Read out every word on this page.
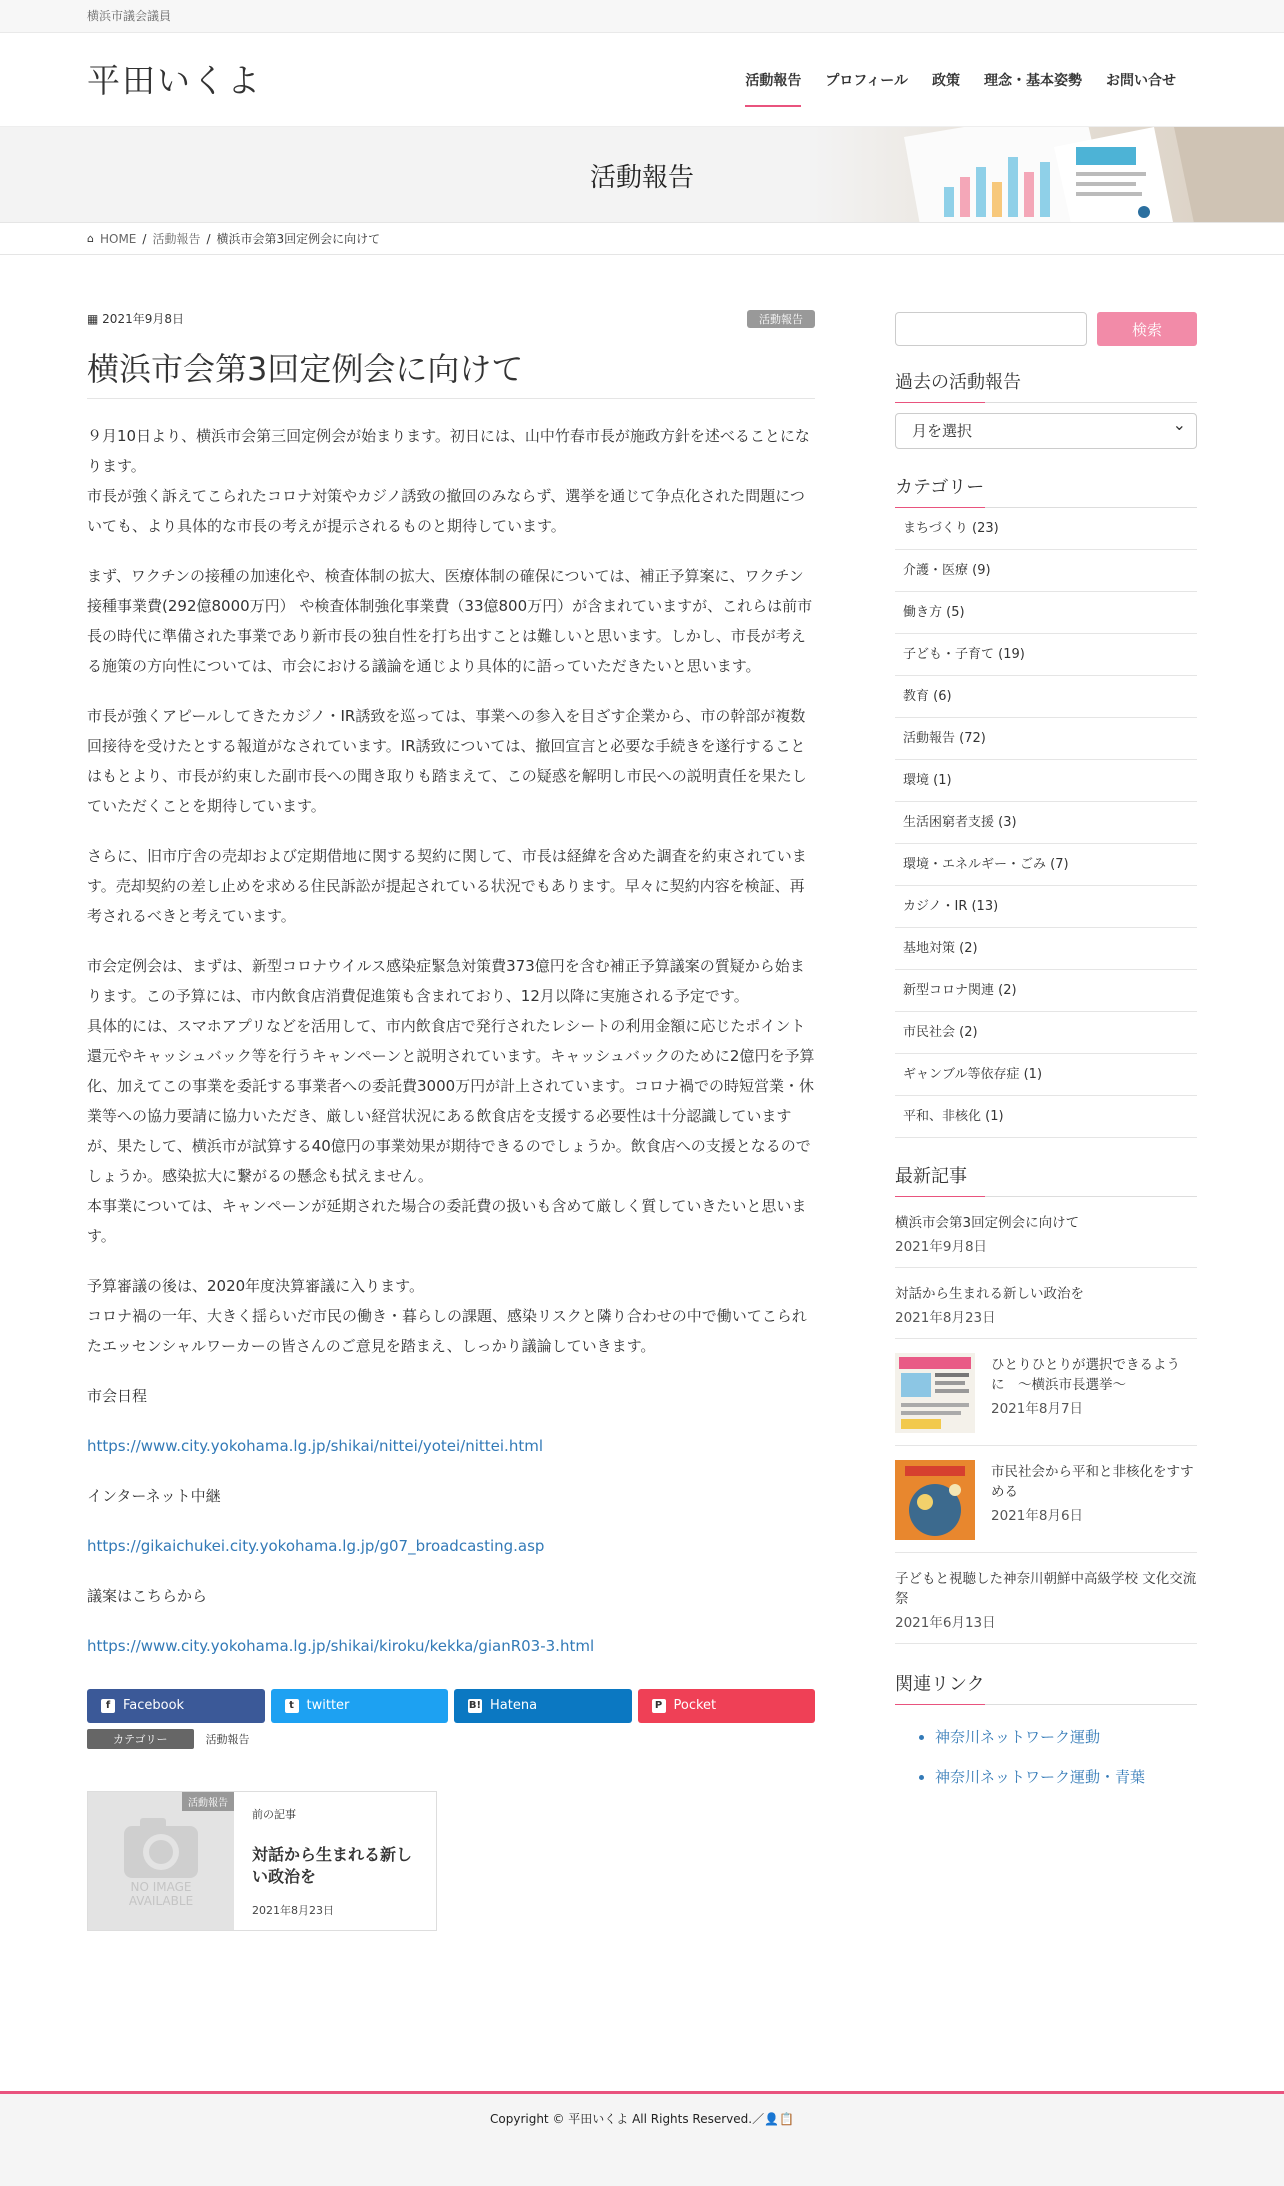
横浜市議会議員
平田いくよ	活動報告	プロフィール	政策	理念・基本姿勢	お問い合せ
活動報告
⌂ HOME / 活動報告 / 横浜市会第3回定例会に向けて
▦ 2021年9月8日	活動報告
横浜市会第3回定例会に向けて

９月10日より、横浜市会第三回定例会が始まります。初日には、山中竹春市長が施政方針を述べることになります。
市長が強く訴えてこられたコロナ対策やカジノ誘致の撤回のみならず、選挙を通じて争点化された問題についても、より具体的な市長の考えが提示されるものと期待しています。

まず、ワクチンの接種の加速化や、検査体制の拡大、医療体制の確保については、補正予算案に、ワクチン接種事業費(292億8000万円） や検査体制強化事業費（33億800万円）が含まれていますが、これらは前市長の時代に準備された事業であり新市長の独自性を打ち出すことは難しいと思います。しかし、市長が考える施策の方向性については、市会における議論を通じより具体的に語っていただきたいと思います。

市長が強くアピールしてきたカジノ・IR誘致を巡っては、事業への参入を目ざす企業から、市の幹部が複数回接待を受けたとする報道がなされています。IR誘致については、撤回宣言と必要な手続きを遂行することはもとより、市長が約束した副市長への聞き取りも踏まえて、この疑惑を解明し市民への説明責任を果たしていただくことを期待しています。

さらに、旧市庁舎の売却および定期借地に関する契約に関して、市長は経緯を含めた調査を約束されています。売却契約の差し止めを求める住民訴訟が提起されている状況でもあります。早々に契約内容を検証、再考されるべきと考えています。

市会定例会は、まずは、新型コロナウイルス感染症緊急対策費373億円を含む補正予算議案の質疑から始まります。この予算には、市内飲食店消費促進策も含まれており、12月以降に実施される予定です。
具体的には、スマホアプリなどを活用して、市内飲食店で発行されたレシートの利用金額に応じたポイント還元やキャッシュバック等を行うキャンペーンと説明されています。キャッシュバックのために2億円を予算化、加えてこの事業を委託する事業者への委託費3000万円が計上されています。コロナ禍での時短営業・休業等への協力要請に協力いただき、厳しい経営状況にある飲食店を支援する必要性は十分認識していますが、果たして、横浜市が試算する40億円の事業効果が期待できるのでしょうか。飲食店への支援となるのでしょうか。感染拡大に繋がるの懸念も拭えません。
本事業については、キャンペーンが延期された場合の委託費の扱いも含めて厳しく質していきたいと思います。

予算審議の後は、2020年度決算審議に入ります。
コロナ禍の一年、大きく揺らいだ市民の働き・暮らしの課題、感染リスクと隣り合わせの中で働いてこられたエッセンシャルワーカーの皆さんのご意見を踏まえ、しっかり議論していきます。

市会日程

https://www.city.yokohama.lg.jp/shikai/nittei/yotei/nittei.html

インターネット中継

https://gikaichukei.city.yokohama.lg.jp/g07_broadcasting.asp

議案はこちらから

https://www.city.yokohama.lg.jp/shikai/kiroku/kekka/gianR03-3.html

f Facebook	t twitter	B! Hatena	P Pocket
カテゴリー	活動報告
活動報告
NO IMAGE
AVAILABLE
前の記事
対話から生まれる新しい政治を
2021年8月23日
検索
過去の活動報告
月を選択 ⌄
カテゴリー
まちづくり (23)
介護・医療 (9)
働き方 (5)
子ども・子育て (19)
教育 (6)
活動報告 (72)
環境 (1)
生活困窮者支援 (3)
環境・エネルギー・ごみ (7)
カジノ・IR (13)
基地対策 (2)
新型コロナ関連 (2)
市民社会 (2)
ギャンブル等依存症 (1)
平和、非核化 (1)
最新記事
横浜市会第3回定例会に向けて
2021年9月8日
対話から生まれる新しい政治を
2021年8月23日
ひとりひとりが選択できるように　〜横浜市長選挙〜
2021年8月7日
市民社会から平和と非核化をすすめる
2021年8月6日
子どもと視聴した神奈川朝鮮中高級学校 文化交流祭
2021年6月13日
関連リンク
• 神奈川ネットワーク運動
• 神奈川ネットワーク運動・青葉
Copyright © 平田いくよ All Rights Reserved.／👤📋
